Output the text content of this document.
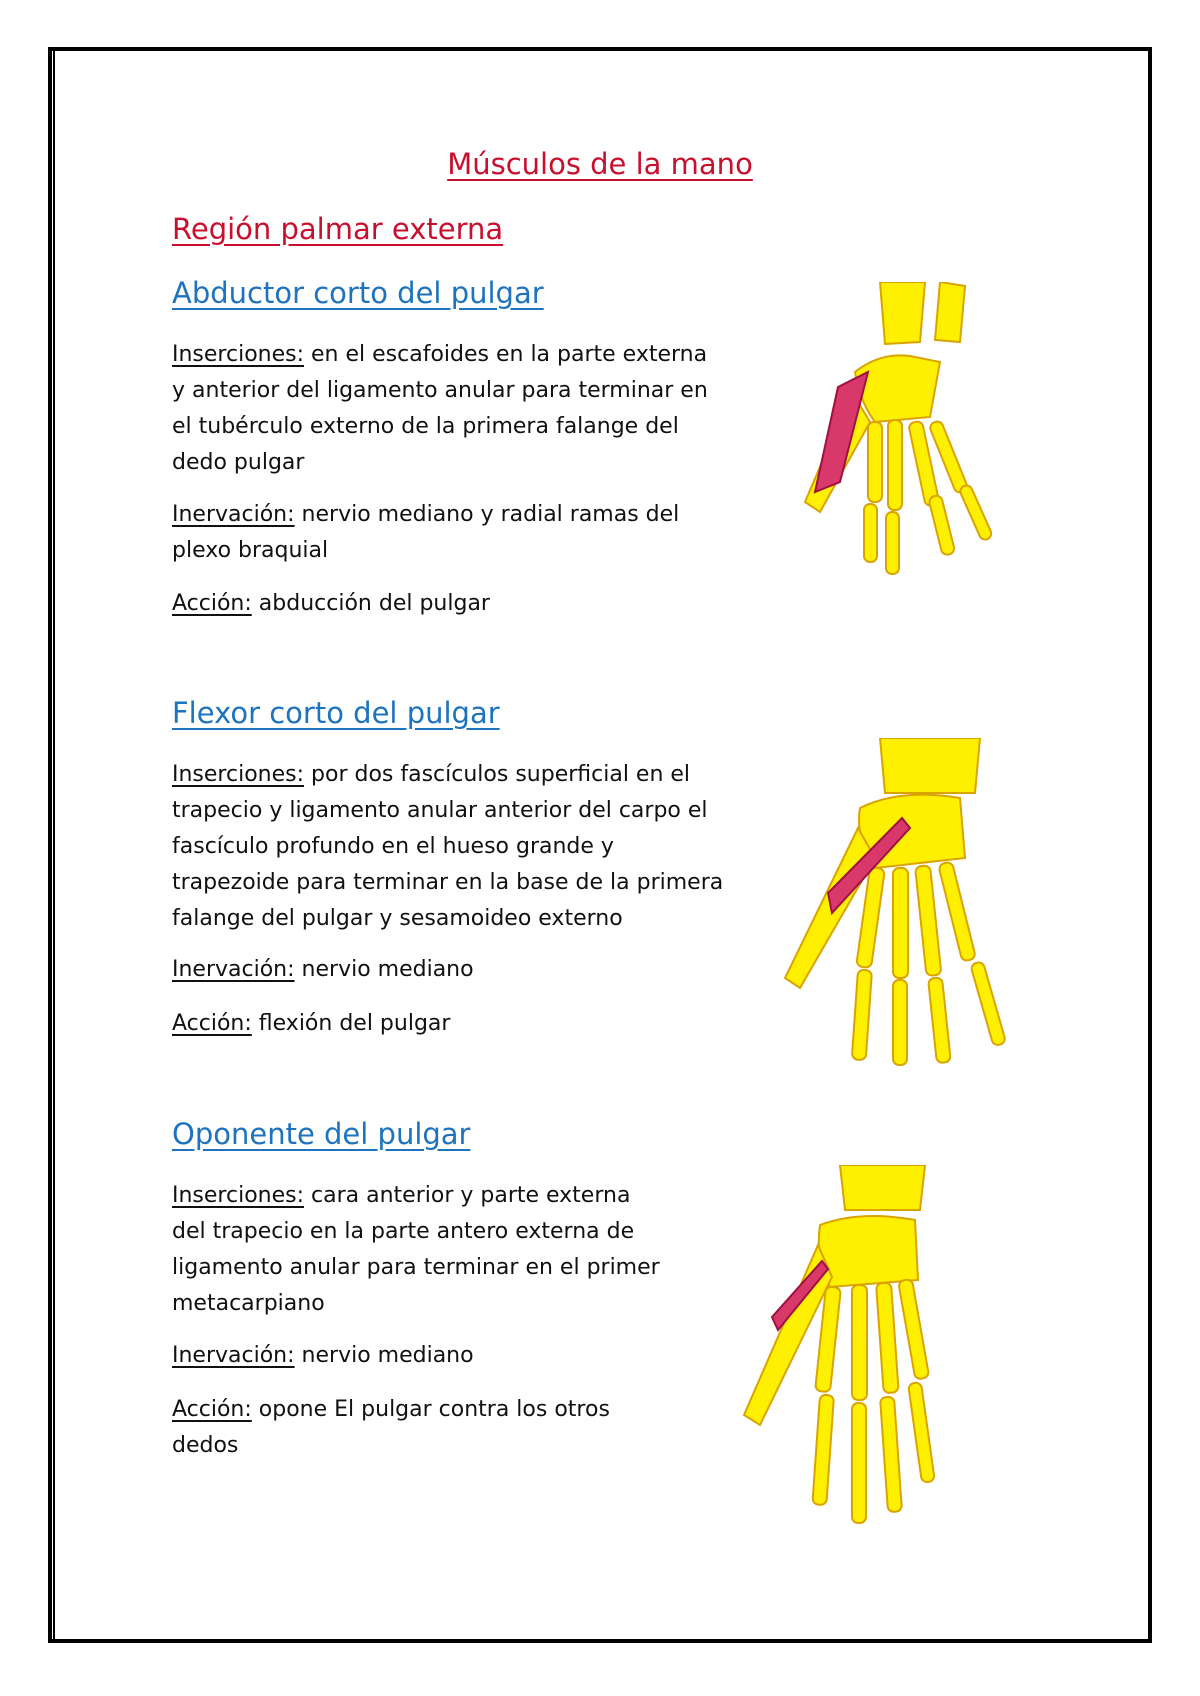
Músculos de la mano
Región palmar externa
Abductor corto del pulgar
Inserciones: en el escafoides en la parte externa
y anterior del ligamento anular para terminar en
el tubérculo externo de la primera falange del
dedo pulgar
Inervación: nervio mediano y radial ramas del
plexo braquial
Acción: abducción del pulgar
Flexor corto del pulgar
Inserciones: por dos fascículos superficial en el
trapecio y ligamento anular anterior del carpo el
fascículo profundo en el hueso grande y
trapezoide para terminar en la base de la primera
falange del pulgar y sesamoideo externo
Inervación: nervio mediano
Acción: flexión del pulgar
Oponente del pulgar
Inserciones: cara anterior y parte externa
del trapecio en la parte antero externa de
ligamento anular para terminar en el primer
metacarpiano
Inervación: nervio mediano
Acción: opone El pulgar contra los otros
dedos
